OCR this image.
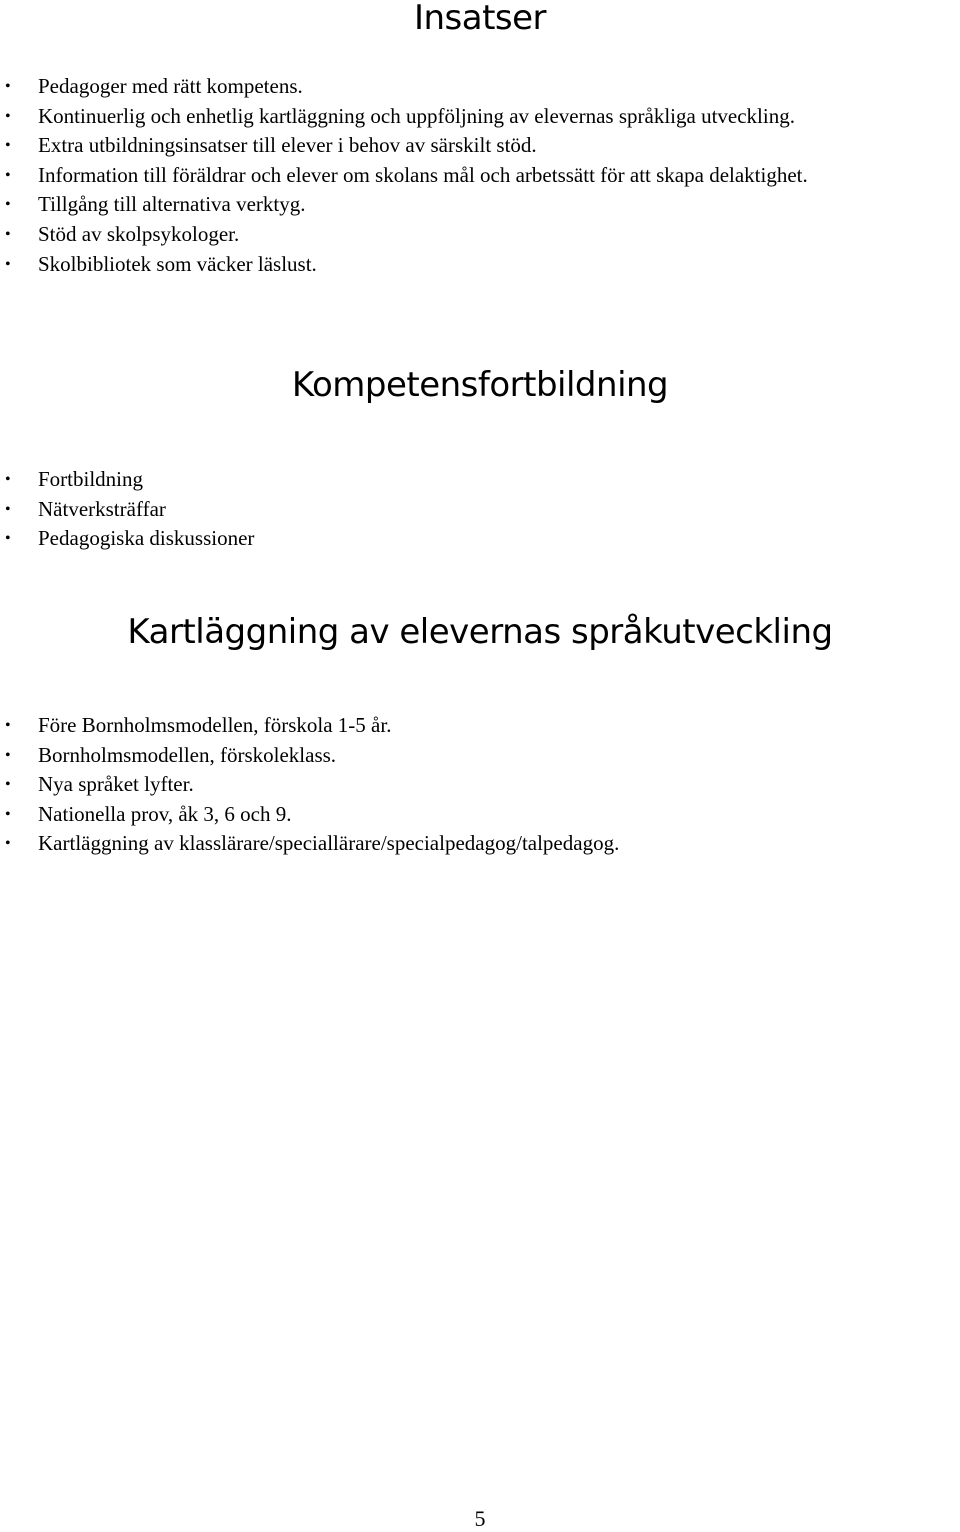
Insatser
• Pedagoger med rätt kompetens.
• Kontinuerlig och enhetlig kartläggning och uppföljning av elevernas språkliga utveckling.
• Extra utbildningsinsatser till elever i behov av särskilt stöd.
• Information till föräldrar och elever om skolans mål och arbetssätt för att skapa delaktighet.
• Tillgång till alternativa verktyg.
• Stöd av skolpsykologer.
• Skolbibliotek som väcker läslust.
Kompetensfortbildning
• Fortbildning
• Nätverksträffar
• Pedagogiska diskussioner
Kartläggning av elevernas språkutveckling
• Före Bornholmsmodellen, förskola 1-5 år.
• Bornholmsmodellen, förskoleklass.
• Nya språket lyfter.
• Nationella prov, åk 3, 6 och 9.
• Kartläggning av klasslärare/speciallärare/specialpedagog/talpedagog.
5
